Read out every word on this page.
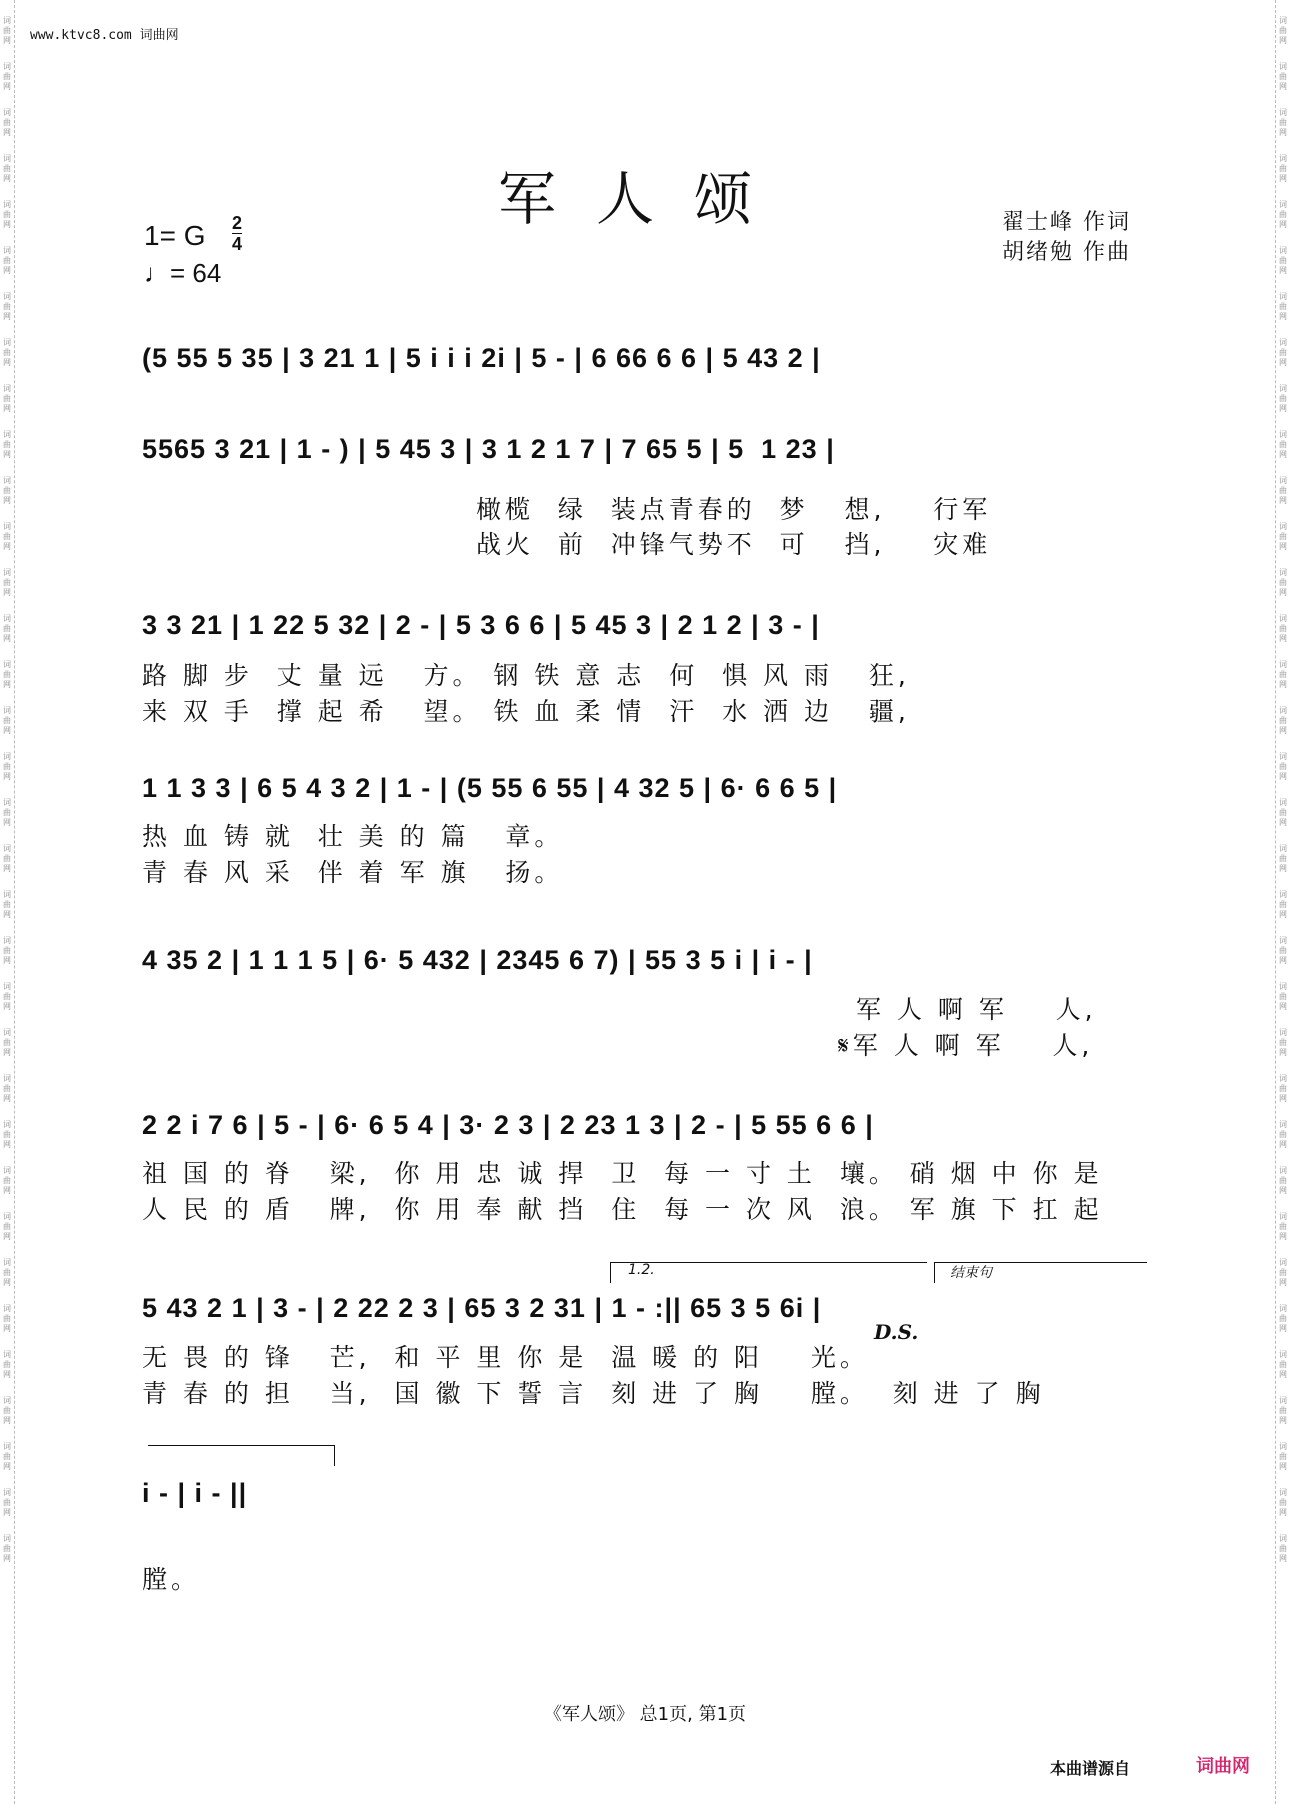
词曲网
词曲网
词曲网
词曲网
词曲网
词曲网
词曲网
词曲网
词曲网
词曲网
词曲网
词曲网
词曲网
词曲网
词曲网
词曲网
词曲网
词曲网
词曲网
词曲网
词曲网
词曲网
词曲网
词曲网
词曲网
词曲网
词曲网
词曲网
词曲网
词曲网
词曲网
词曲网
词曲网
词曲网
词曲网
词曲网
词曲网
词曲网
词曲网
词曲网
词曲网
词曲网
词曲网
词曲网
词曲网
词曲网
词曲网
词曲网
词曲网
词曲网
词曲网
词曲网
词曲网
词曲网
词曲网
词曲网
词曲网
词曲网
词曲网
词曲网
词曲网
词曲网
词曲网
词曲网
词曲网
词曲网
词曲网
词曲网
www.ktvc8.com 词曲网
军人颂
1= G 2
4
♩= 64
翟士峰 作词
胡绪勉 作曲
(5 55 5 35 | 3 21 1 | 5 i i i 2i | 5 - | 6 66 6 6 | 5 43 2 |
5565 3 21 | 1 - ) | 5 45 3 | 3 1 2 1 7 | 7 65 5 | 5  1 23 |
橄榄  绿  装点青春的  梦   想,    行军
战火  前  冲锋气势不  可   挡,    灾难
3 3 21 | 1 22 5 32 | 2 - | 5 3 6 6 | 5 45 3 | 2 1 2 | 3 - |
路 脚 步  丈 量 远   方。 钢 铁 意 志  何  惧 风 雨   狂,
来 双 手  撑 起 希   望。 铁 血 柔 情  汗  水 洒 边   疆,
1 1 3 3 | 6 5 4 3 2 | 1 - | (5 55 6 55 | 4 32 5 | 6· 6 6 5 |
热 血 铸 就  壮 美 的 篇   章。
青 春 风 采  伴 着 军 旗   扬。
4 35 2 | 1 1 1 5 | 6· 5 432 | 2345 6 7) | 55 3 5 i | i - |
军 人 啊 军    人,
𝄋军 人 啊 军    人,
2 2 i 7 6 | 5 - | 6· 6 5 4 | 3· 2 3 | 2 23 1 3 | 2 - | 5 55 6 6 |
祖 国 的 脊   梁,  你 用 忠 诚 捍  卫  每 一 寸 土  壤。 硝 烟 中 你 是
人 民 的 盾   牌,  你 用 奉 献 挡  住  每 一 次 风  浪。 军 旗 下 扛 起
1.2.	结束句
5 43 2 1 | 3 - | 2 22 2 3 | 65 3 2 31 | 1 - :|| 65 3 5 6i |
D.S.
无 畏 的 锋   芒,  和 平 里 你 是  温 暖 的 阳    光。
青 春 的 担   当,  国 徽 下 誓 言  刻 进 了 胸    膛。  刻 进 了 胸
i - | i - ||
膛。
《军人颂》 总1页, 第1页
本曲谱源自	词曲网
